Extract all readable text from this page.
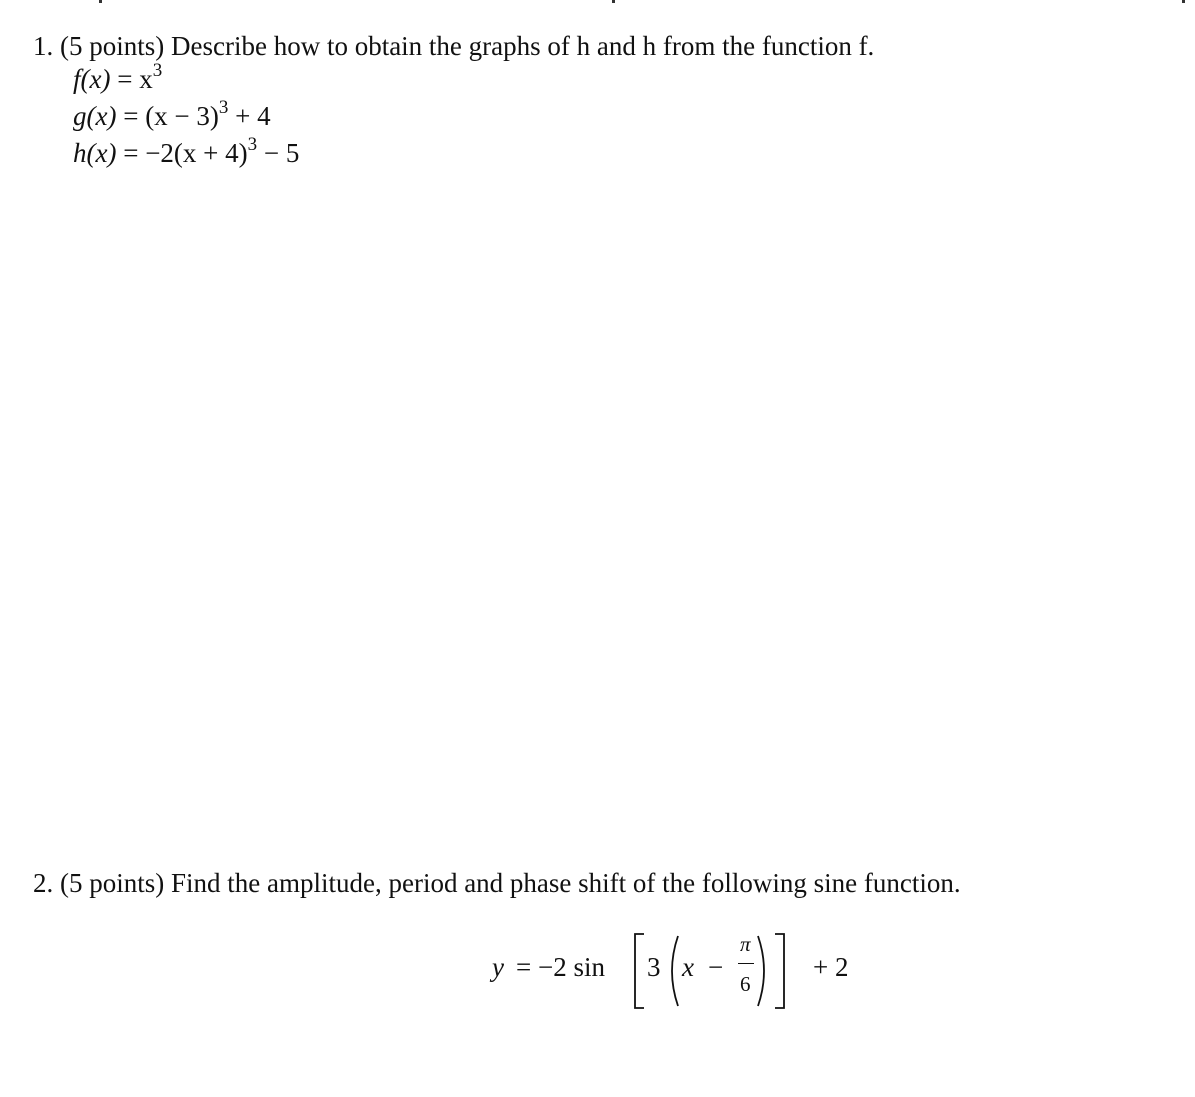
1. (5 points) Describe how to obtain the graphs of h and h from the function f.
$f(x) = x^3$
$g(x) = (x - 3)^3 + 4$
$h(x) = -2(x + 4)^3 - 5$
2. (5 points) Find the amplitude, period and phase shift of the following sine function.
y = −2 sin 3 x −
π
6
+ 2
